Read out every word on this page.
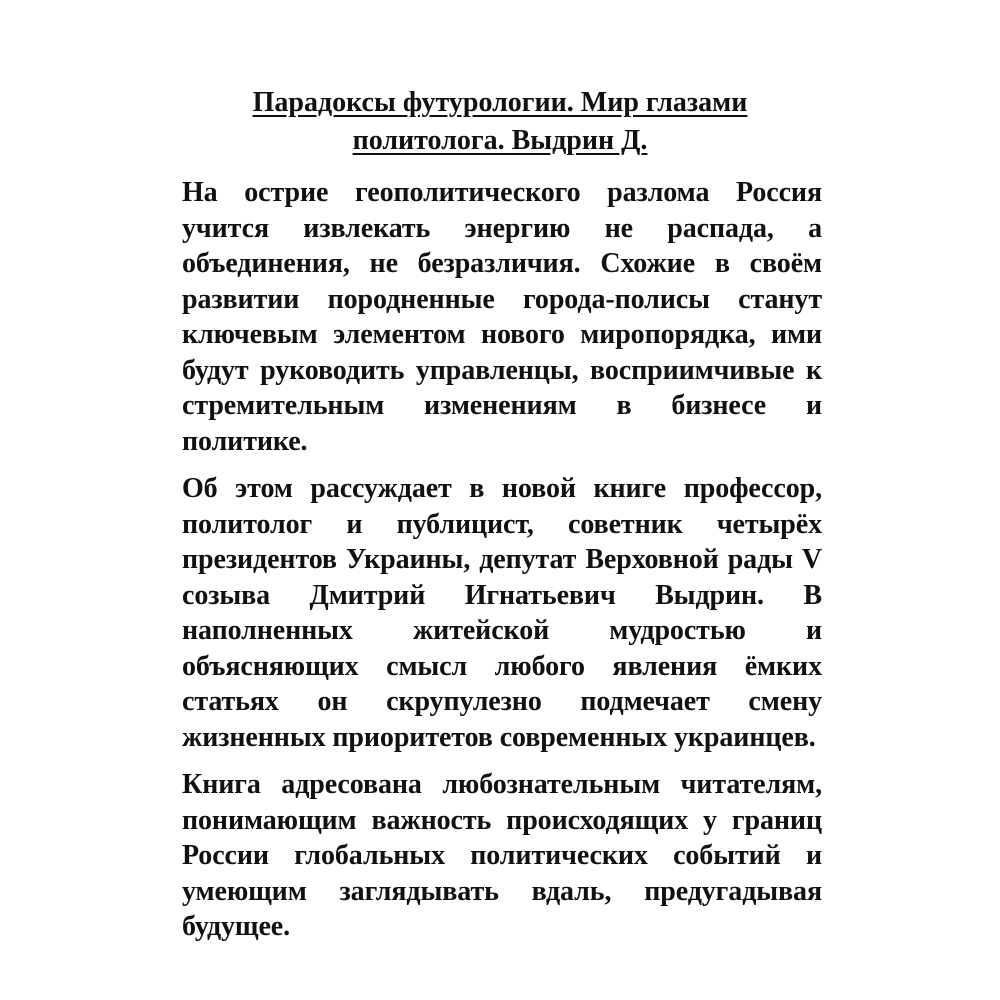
Парадоксы футурологии. Мир глазами политолога. Выдрин Д.

На острие геополитического разлома Россия учится извлекать энергию не распада, а объединения, не безразличия. Схожие в своём развитии породненные города-полисы станут ключевым элементом нового миропорядка, ими будут руководить управленцы, восприимчивые к стремительным изменениям в бизнесе и политике.

Об этом рассуждает в новой книге профессор, политолог и публицист, советник четырёх президентов Украины, депутат Верховной рады V созыва Дмитрий Игнатьевич Выдрин. В наполненных житейской мудростью и объясняющих смысл любого явления ёмких статьях он скрупулезно подмечает смену жизненных приоритетов современных украинцев.

Книга адресована любознательным читателям, понимающим важность происходящих у границ России глобальных политических событий и умеющим заглядывать вдаль, предугадывая будущее.
